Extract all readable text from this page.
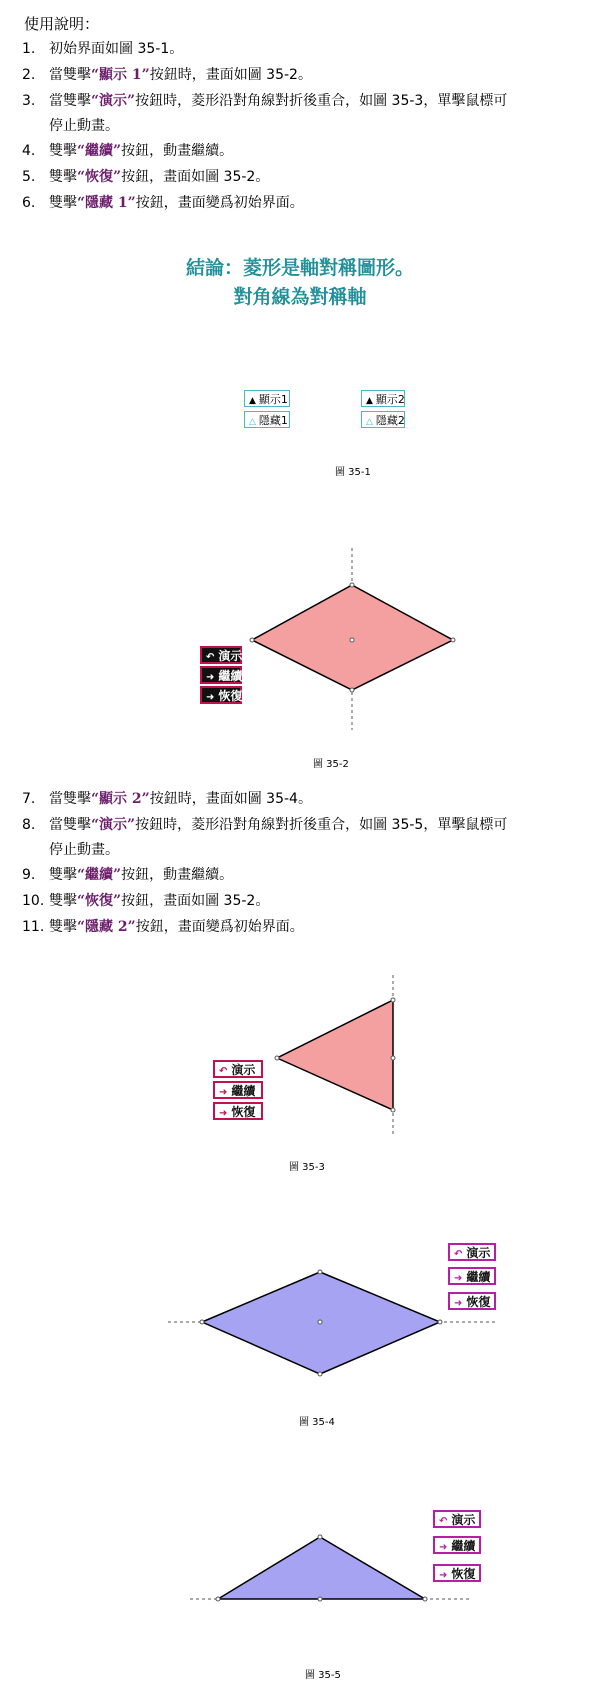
使用說明：
1. 初始界面如圖 35-1。
2. 當雙擊“顯示 1”按鈕時，畫面如圖 35-2。
3. 當雙擊“演示”按鈕時，菱形沿對角線對折後重合，如圖 35-3，單擊鼠標可
停止動畫。
4. 雙擊“繼續”按鈕，動畫繼續。
5. 雙擊“恢復”按鈕，畫面如圖 35-2。
6. 雙擊“隱藏 1”按鈕，畫面變爲初始界面。
結論：菱形是軸對稱圖形。
對角線為對稱軸
▲ 顯示1
△ 隱藏1
▲ 顯示2
△ 隱藏2
圖 35-1
↶ 演示
➜ 繼續
➜ 恢復
圖 35-2
7. 當雙擊“顯示 2”按鈕時，畫面如圖 35-4。
8. 當雙擊“演示”按鈕時，菱形沿對角線對折後重合，如圖 35-5，單擊鼠標可
停止動畫。
9. 雙擊“繼續”按鈕，動畫繼續。
10. 雙擊“恢復”按鈕，畫面如圖 35-2。
11. 雙擊“隱藏 2”按鈕，畫面變爲初始界面。
↶ 演示
➜ 繼續
➜ 恢復
圖 35-3
↶ 演示
➜ 繼續
➜ 恢復
圖 35-4
↶ 演示
➜ 繼續
➜ 恢復
圖 35-5
